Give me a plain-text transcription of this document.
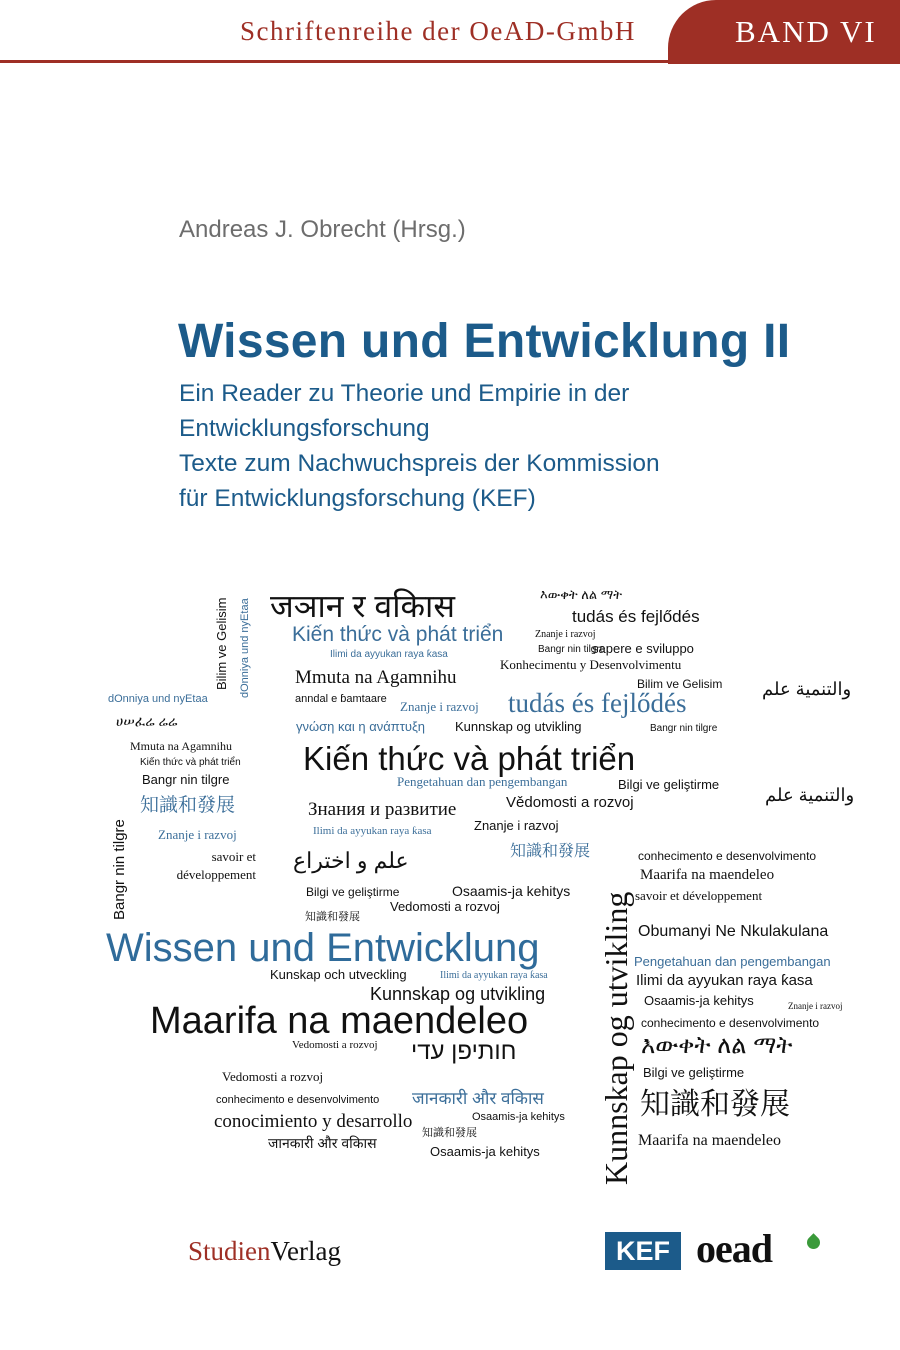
Schriftenreihe der OeAD-GmbH	BAND VI
Andreas J. Obrecht (Hrsg.)
Wissen und Entwicklung II
Ein Reader zu Theorie und Empirie in der
Entwicklungsforschung
Texte zum Nachwuchspreis der Kommission
für Entwicklungsforschung (KEF)
जञान र वकिास	እውቀት ለል ማት
tudás és fejlődés
Kiến thức và phát triển	Znanje i razvoj
Ilimi da ayyukan raya ƙasa	Bangr nin tilgre
sapere e sviluppo
Konhecimentu y Desenvolvimentu
Mmuta na Agamnihu
anndal e ɓamtaare
dOnniya und nyEtaa
Bilim ve Gelisim
Znanje i razvoj tudás és fejlődés	والتنمية علم
ሀሠፈሬ ሬሬ	Bangr nin tilgre
γνώση και η ανάπτυξη Kunnskap og utvikling
Mmuta na Agamnihu Kiến thức và phát triển
Kiến thức và phát triển
Bangr nin tilgre	Pengetahuan dan pengembangan	Bilgi ve geliştirme
知識和發展	Знания и развитие	Vědomosti a rozvoj	والتنمية علم
Znanje i razvoj	Ilimi da ayyukan raya ƙasa	Znanje i razvoj
Bangr nin tilgre	savoir et développement
علم و اختراع	知識和發展	conhecimento e desenvolvimento
Bilgi ve geliştirme	Osaamis-ja kehitys
Maarifa na maendeleo
Vedomosti a rozvoj
savoir et développement
知識和發展
Obumanyi Ne Nkulakulana
Wissen und Entwicklung
Kunskap och utveckling	Ilimi da ayyukan raya ƙasa
Pengetahuan dan pengembangan
Kunnskap og utvikling
Ilimi da ayyukan raya ƙasa
Osaamis-ja kehitys	Znanje i razvoj
Maarifa na maendeleo	conhecimento e desenvolvimento
Vedomosti a rozvoj חותיפן עדי	እውቀት ለል ማት
Vedomosti a rozvoj
conhecimento e desenvolvimento जानकारी और वकिास
conocimiento y desarrollo	Osaamis-ja kehitys
知識和發展
जानकारी और वकिास
Osaamis-ja kehitys Kunnskap og utvikling Bilgi ve geliştirme
知識和發展
Maarifa na maendeleo
Bilim ve Gelisim dOnniya und nyEtaa
StudienVerlag	KEF oead
